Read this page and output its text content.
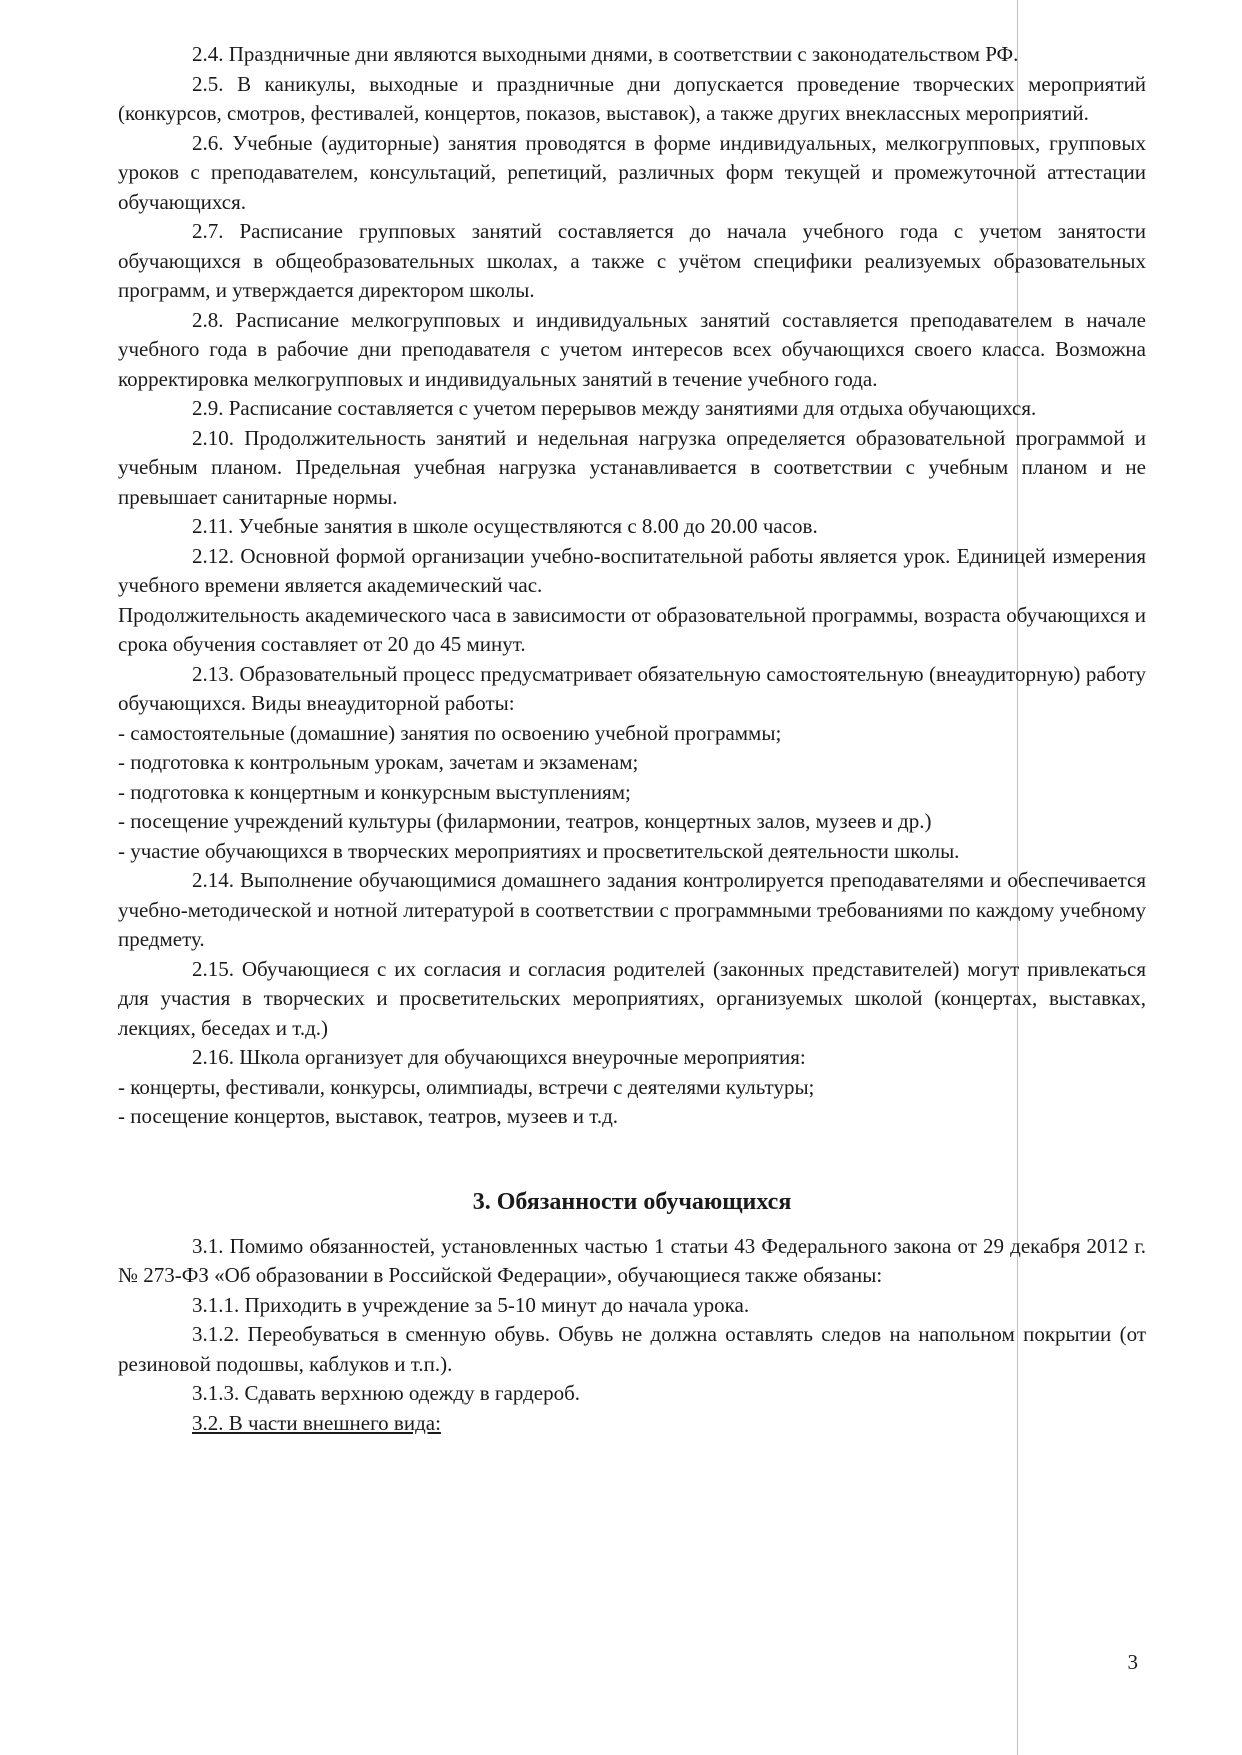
2.4. Праздничные дни являются выходными днями, в соответствии с законодательством РФ.

2.5. В каникулы, выходные и праздничные дни допускается проведение творческих мероприятий (конкурсов, смотров, фестивалей, концертов, показов, выставок), а также других внеклассных мероприятий.

2.6. Учебные (аудиторные) занятия проводятся в форме индивидуальных, мелкогрупповых, групповых уроков с преподавателем, консультаций, репетиций, различных форм текущей и промежуточной аттестации обучающихся.

2.7. Расписание групповых занятий составляется до начала учебного года с учетом занятости обучающихся в общеобразовательных школах, а также с учётом специфики реализуемых образовательных программ, и утверждается директором школы.

2.8. Расписание мелкогрупповых и индивидуальных занятий составляется преподавателем в начале учебного года в рабочие дни преподавателя с учетом интересов всех обучающихся своего класса. Возможна корректировка мелкогрупповых и индивидуальных занятий в течение учебного года.

2.9. Расписание составляется с учетом перерывов между занятиями для отдыха обучающихся.

2.10. Продолжительность занятий и недельная нагрузка определяется образовательной программой и учебным планом. Предельная учебная нагрузка устанавливается в соответствии с учебным планом и не превышает санитарные нормы.

2.11. Учебные занятия в школе осуществляются с 8.00 до 20.00 часов.

2.12. Основной формой организации учебно-воспитательной работы является урок. Единицей измерения учебного времени является академический час.

Продолжительность академического часа в зависимости от образовательной программы, возраста обучающихся и срока обучения составляет от 20 до 45 минут.

2.13. Образовательный процесс предусматривает обязательную самостоятельную (внеаудиторную) работу обучающихся. Виды внеаудиторной работы:

- самостоятельные (домашние) занятия по освоению учебной программы;

- подготовка к контрольным урокам, зачетам и экзаменам;

- подготовка к концертным и конкурсным выступлениям;

- посещение учреждений культуры (филармонии, театров, концертных залов, музеев и др.)

- участие обучающихся в творческих мероприятиях и просветительской деятельности школы.

2.14. Выполнение обучающимися домашнего задания контролируется преподавателями и обеспечивается учебно-методической и нотной литературой в соответствии с программными требованиями по каждому учебному предмету.

2.15. Обучающиеся с их согласия и согласия родителей (законных представителей) могут привлекаться для участия в творческих и просветительских мероприятиях, организуемых школой (концертах, выставках, лекциях, беседах и т.д.)

2.16. Школа организует для обучающихся внеурочные мероприятия:

- концерты, фестивали, конкурсы, олимпиады, встречи с деятелями культуры;

- посещение концертов, выставок, театров, музеев и т.д.

3. Обязанности обучающихся

3.1. Помимо обязанностей, установленных частью 1 статьи 43 Федерального закона от 29 декабря 2012 г. № 273-ФЗ «Об образовании в Российской Федерации», обучающиеся также обязаны:

3.1.1. Приходить в учреждение за 5-10 минут до начала урока.

3.1.2. Переобуваться в сменную обувь. Обувь не должна оставлять следов на напольном покрытии (от резиновой подошвы, каблуков и т.п.).

3.1.3. Сдавать верхнюю одежду в гардероб.

3.2. В части внешнего вида:

3
